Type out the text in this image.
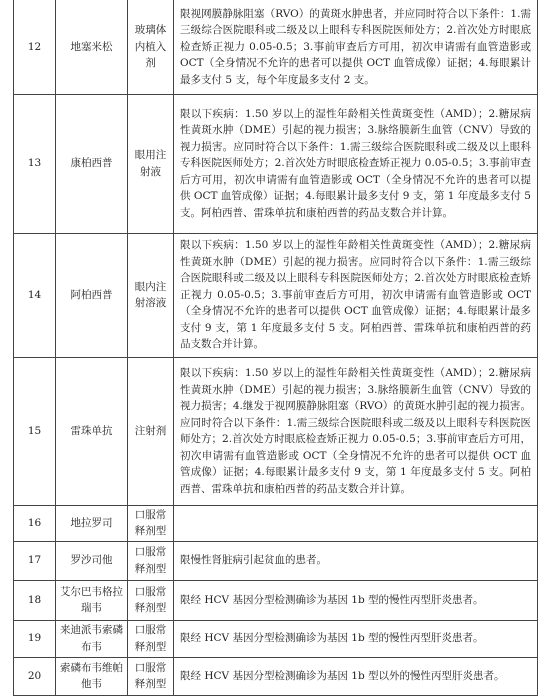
12	地塞米松	玻璃体内植入剂	限视网膜静脉阻塞（RVO）的黄斑水肿患者，并应同时符合以下条件：1.需三级综合医院眼科或二级及以上眼科专科医院医师处方；2.首次处方时眼底检查矫正视力 0.05-0.5；3.事前审查后方可用，初次申请需有血管造影或 OCT（全身情况不允许的患者可以提供 OCT 血管成像）证据；4.每眼累计最多支付 5 支，每个年度最多支付 2 支。
13	康柏西普	眼用注射液	限以下疾病：1.50 岁以上的湿性年龄相关性黄斑变性（AMD）；2.糖尿病性黄斑水肿（DME）引起的视力损害；3.脉络膜新生血管（CNV）导致的视力损害。应同时符合以下条件：1.需三级综合医院眼科或二级及以上眼科专科医院医师处方；2.首次处方时眼底检查矫正视力 0.05-0.5；3.事前审查后方可用，初次申请需有血管造影或 OCT（全身情况不允许的患者可以提供 OCT 血管成像）证据；4.每眼累计最多支付 9 支，第 1 年度最多支付 5 支。阿柏西普、雷珠单抗和康柏西普的药品支数合并计算。
14	阿柏西普	眼内注射溶液	限以下疾病：1.50 岁以上的湿性年龄相关性黄斑变性（AMD）；2.糖尿病性黄斑水肿（DME）引起的视力损害。应同时符合以下条件：1.需三级综合医院眼科或二级及以上眼科专科医院医师处方；2.首次处方时眼底检查矫正视力 0.05-0.5；3.事前审查后方可用，初次申请需有血管造影或 OCT（全身情况不允许的患者可以提供 OCT 血管成像）证据；4.每眼累计最多支付 9 支，第 1 年度最多支付 5 支。阿柏西普、雷珠单抗和康柏西普的药品支数合并计算。
15	雷珠单抗	注射剂	限以下疾病：1.50 岁以上的湿性年龄相关性黄斑变性（AMD）；2.糖尿病性黄斑水肿（DME）引起的视力损害；3.脉络膜新生血管（CNV）导致的视力损害；4.继发于视网膜静脉阻塞（RVO）的黄斑水肿引起的视力损害。应同时符合以下条件：1.需三级综合医院眼科或二级及以上眼科专科医院医师处方；2.首次处方时眼底检查矫正视力 0.05-0.5；3.事前审查后方可用，初次申请需有血管造影或 OCT（全身情况不允许的患者可以提供 OCT 血管成像）证据；4.每眼累计最多支付 9 支，第 1 年度最多支付 5 支。阿柏西普、雷珠单抗和康柏西普的药品支数合并计算。
16	地拉罗司	口服常释剂型	
17	罗沙司他	口服常释剂型	限慢性肾脏病引起贫血的患者。
18	艾尔巴韦格拉瑞韦	口服常释剂型	限经 HCV 基因分型检测确诊为基因 1b 型的慢性丙型肝炎患者。
19	来迪派韦索磷布韦	口服常释剂型	限经 HCV 基因分型检测确诊为基因 1b 型的慢性丙型肝炎患者。
20	索磷布韦维帕他韦	口服常释剂型	限经 HCV 基因分型检测确诊为基因 1b 型以外的慢性丙型肝炎患者。
